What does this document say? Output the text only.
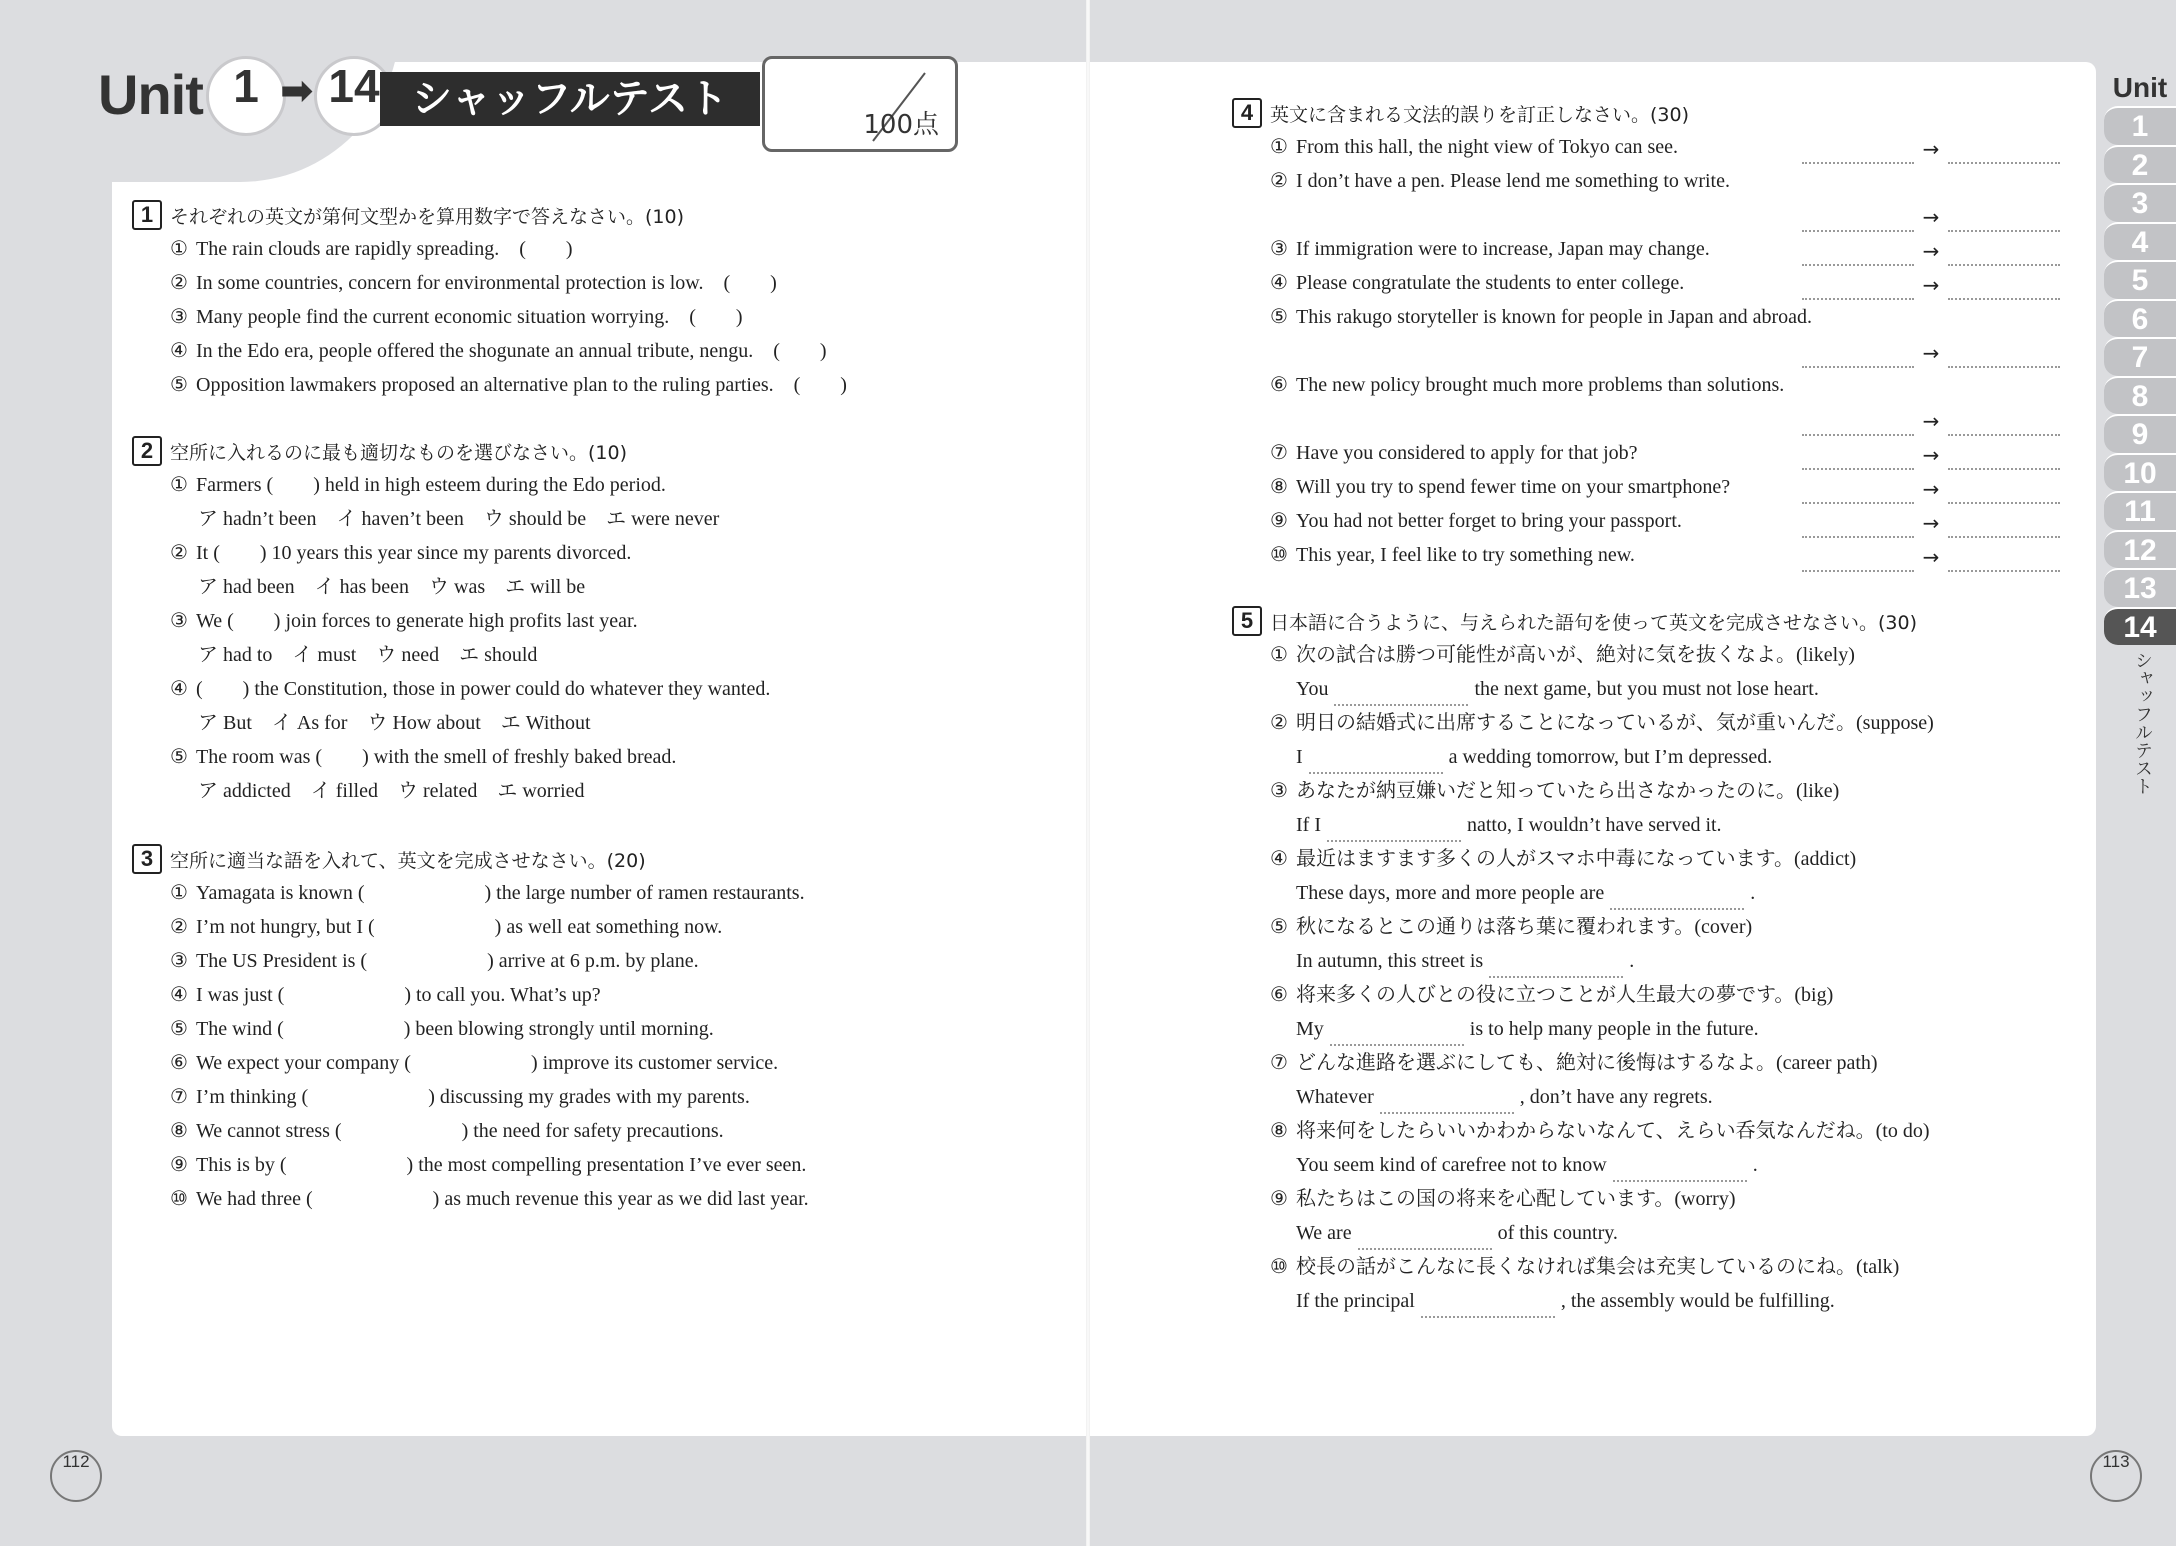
Unit 1 ➡ 14 シャッフルテスト
100点
1 それぞれの英文が第何文型かを算用数字で答えなさい。(10)
① The rain clouds are rapidly spreading.　(　　)
② In some countries, concern for environmental protection is low.　(　　)
③ Many people find the current economic situation worrying.　(　　)
④ In the Edo era, people offered the shogunate an annual tribute, nengu.　(　　)
⑤ Opposition lawmakers proposed an alternative plan to the ruling parties.　(　　)
2 空所に入れるのに最も適切なものを選びなさい。(10)
① Farmers (　　) held in high esteem during the Edo period.
ア hadn’t been　イ haven’t been　ウ should be　エ were never
② It (　　) 10 years this year since my parents divorced.
ア had been　イ has been　ウ was　エ will be
③ We (　　) join forces to generate high profits last year.
ア had to　イ must　ウ need　エ should
④ (　　) the Constitution, those in power could do whatever they wanted.
ア But　イ As for　ウ How about　エ Without
⑤ The room was (　　) with the smell of freshly baked bread.
ア addicted　イ filled　ウ related　エ worried
3 空所に適当な語を入れて、英文を完成させなさい。(20)
① Yamagata is known (　　　　　　) the large number of ramen restaurants.
② I’m not hungry, but I (　　　　　　) as well eat something now.
③ The US President is (　　　　　　) arrive at 6 p.m. by plane.
④ I was just (　　　　　　) to call you. What’s up?
⑤ The wind (　　　　　　) been blowing strongly until morning.
⑥ We expect your company (　　　　　　) improve its customer service.
⑦ I’m thinking (　　　　　　) discussing my grades with my parents.
⑧ We cannot stress (　　　　　　) the need for safety precautions.
⑨ This is by (　　　　　　) the most compelling presentation I’ve ever seen.
⑩ We had three (　　　　　　) as much revenue this year as we did last year.
4 英文に含まれる文法的誤りを訂正しなさい。(30)
① From this hall, the night view of Tokyo can see.	→
② I don’t have a pen. Please lend me something to write.
→
③ If immigration were to increase, Japan may change.	→
④ Please congratulate the students to enter college.	→
⑤ This rakugo storyteller is known for people in Japan and abroad.
→
⑥ The new policy brought much more problems than solutions.
→
⑦ Have you considered to apply for that job?	→
⑧ Will you try to spend fewer time on your smartphone?	→
⑨ You had not better forget to bring your passport.	→
⑩ This year, I feel like to try something new.	→
5 日本語に合うように、与えられた語句を使って英文を完成させなさい。(30)
① 次の試合は勝つ可能性が高いが、絶対に気を抜くなよ。(likely)
You	the next game, but you must not lose heart.
② 明日の結婚式に出席することになっているが、気が重いんだ。(suppose)
I	a wedding tomorrow, but I’m depressed.
③ あなたが納豆嫌いだと知っていたら出さなかったのに。(like)
If I	natto, I wouldn’t have served it.
④ 最近はますます多くの人がスマホ中毒になっています。(addict)
These days, more and more people are	.
⑤ 秋になるとこの通りは落ち葉に覆われます。(cover)
In autumn, this street is	.
⑥ 将来多くの人びとの役に立つことが人生最大の夢です。(big)
My	is to help many people in the future.
⑦ どんな進路を選ぶにしても、絶対に後悔はするなよ。(career path)
Whatever	, don’t have any regrets.
⑧ 将来何をしたらいいかわからないなんて、えらい呑気なんだね。(to do)
You seem kind of carefree not to know	.
⑨ 私たちはこの国の将来を心配しています。(worry)
We are	of this country.
⑩ 校長の話がこんなに長くなければ集会は充実しているのにね。(talk)
If the principal	, the assembly would be fulfilling.
Unit
1
2
3
4
5
6
7
8
9
10
11
12
13
14
シャッフルテスト
112	113
